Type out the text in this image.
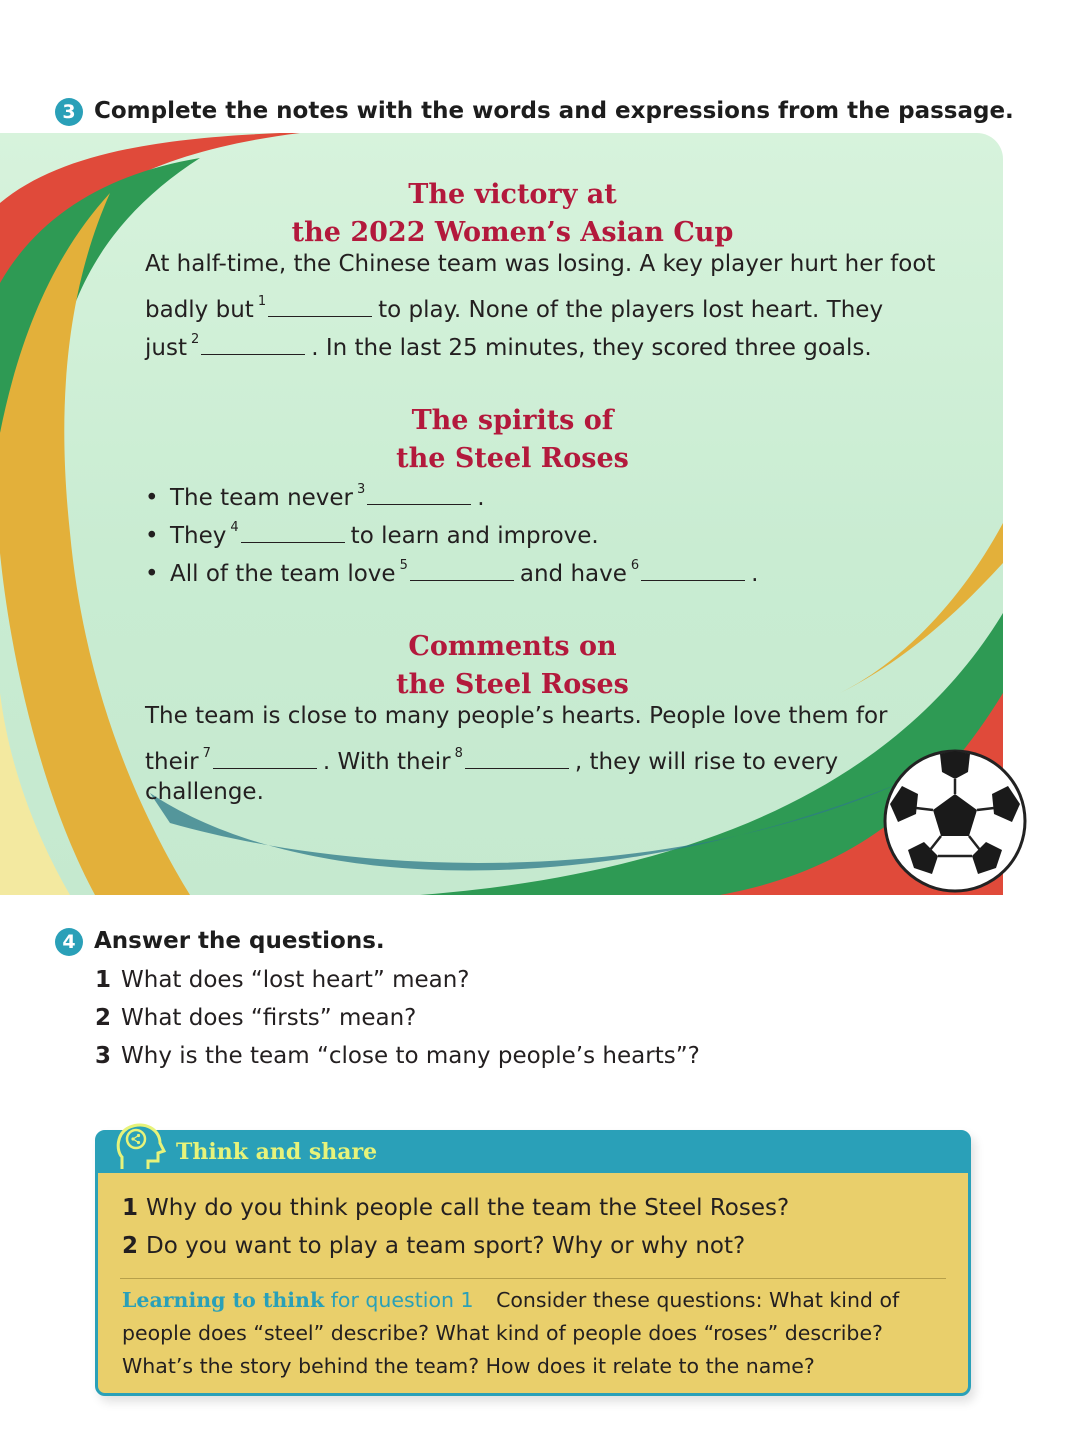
3 Complete the notes with the words and expressions from the passage.
The victory at
the 2022 Women’s Asian Cup
At half-time, the Chinese team was losing. A key player hurt her foot
badly but $^1$	to play. None of the players lost heart. They
just $^2$	. In the last 25 minutes, they scored three goals.
The spirits of
the Steel Roses
• The team never $^3$	.
• They $^4$	to learn and improve.
• All of the team love $^5$	and have $^6$	.
Comments on
the Steel Roses
The team is close to many people’s hearts. People love them for
their $^7$	. With their $^8$	, they will rise to every
challenge.
4 Answer the questions.
1 What does “lost heart” mean?
2 What does “firsts” mean?
3 Why is the team “close to many people’s hearts”?
Think and share
1 Why do you think people call the team the Steel Roses?
2 Do you want to play a team sport? Why or why not?
Learning to think for question 1 Consider these questions: What kind of people does “steel” describe? What kind of people does “roses” describe? What’s the story behind the team? How does it relate to the name?
